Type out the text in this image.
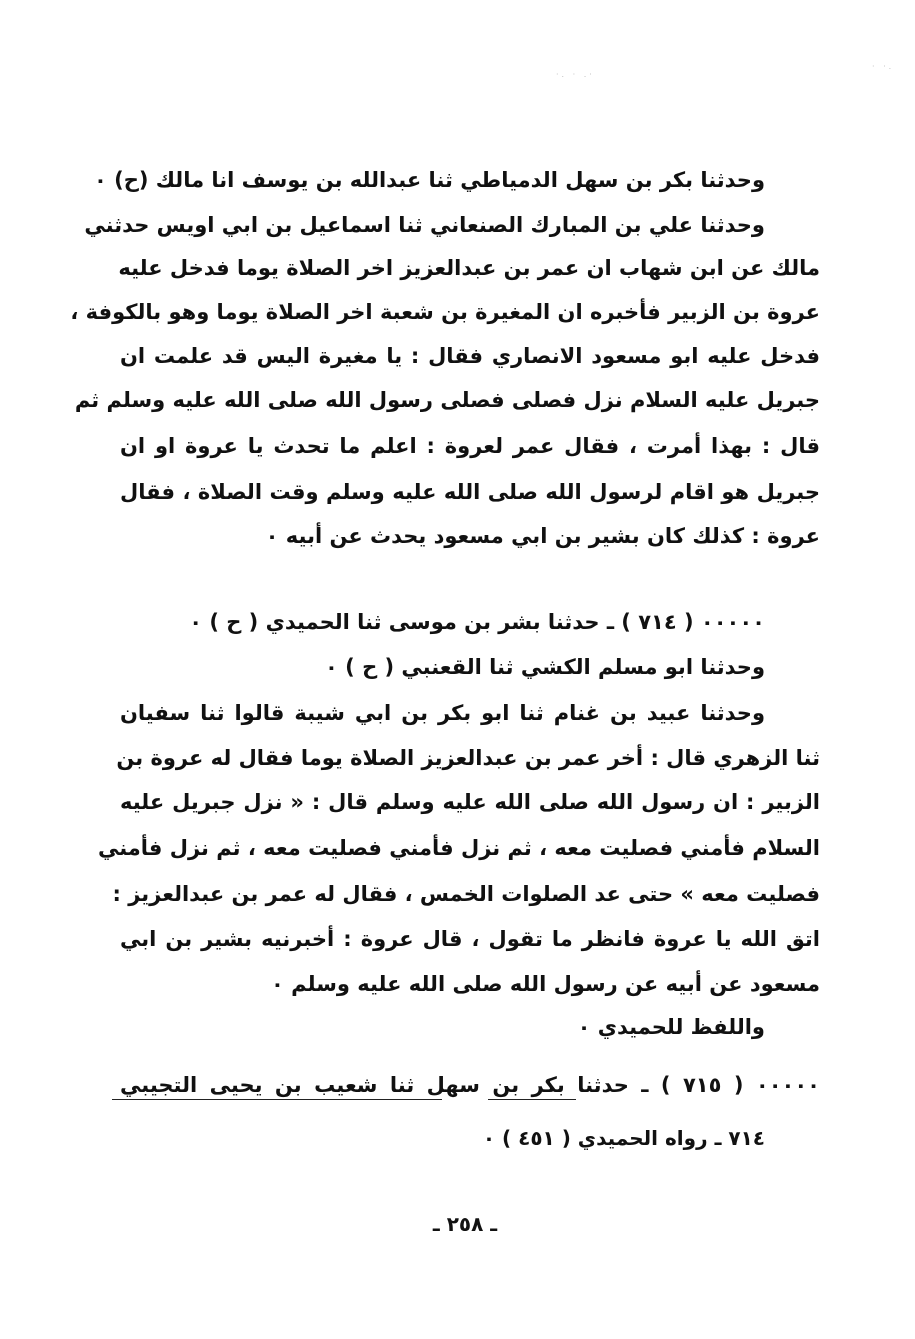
·. · .·
· ·.
وحدثنا بكر بن سهل الدمياطي ثنا عبدالله بن يوسف انا مالك (ح) ٠
وحدثنا علي بن المبارك الصنعاني ثنا اسماعيل بن ابي اويس حدثني
مالك عن ابن شهاب ان عمر بن عبدالعزيز اخر الصلاة يوما فدخل عليه
عروة بن الزبير فأخبره ان المغيرة بن شعبة اخر الصلاة يوما وهو بالكوفة ،
فدخل عليه ابو مسعود الانصاري فقال : يا مغيرة اليس قد علمت ان
جبريل عليه السلام نزل فصلى فصلى رسول الله صلى الله عليه وسلم ثم
قال : بهذا أمرت ، فقال عمر لعروة : اعلم ما تحدث يا عروة او ان
جبريل هو اقام لرسول الله صلى الله عليه وسلم وقت الصلاة ، فقال
عروة : كذلك كان بشير بن ابي مسعود يحدث عن أبيه ٠
٠٠٠٠٠ ( ٧١٤ ) ـ حدثنا بشر بن موسى ثنا الحميدي ( ح ) ٠
وحدثنا ابو مسلم الكشي ثنا القعنبي ( ح ) ٠
وحدثنا عبيد بن غنام ثنا ابو بكر بن ابي شيبة قالوا ثنا سفيان
ثنا الزهري قال : أخر عمر بن عبدالعزيز الصلاة يوما فقال له عروة بن
الزبير : ان رسول الله صلى الله عليه وسلم قال : « نزل جبريل عليه
السلام فأمني فصليت معه ، ثم نزل فأمني فصليت معه ، ثم نزل فأمني
فصليت معه » حتى عد الصلوات الخمس ، فقال له عمر بن عبدالعزيز :
اتق الله يا عروة فانظر ما تقول ، قال عروة : أخبرنيه بشير بن ابي
مسعود عن أبيه عن رسول الله صلى الله عليه وسلم ٠
واللفظ للحميدي ٠
٠٠٠٠٠ ( ٧١٥ ) ـ حدثنا بكر بن سهل ثنا شعيب بن يحيى التجيبي
٧١٤ ـ رواه الحميدي ( ٤٥١ ) ٠
ـ ٢٥٨ ـ
